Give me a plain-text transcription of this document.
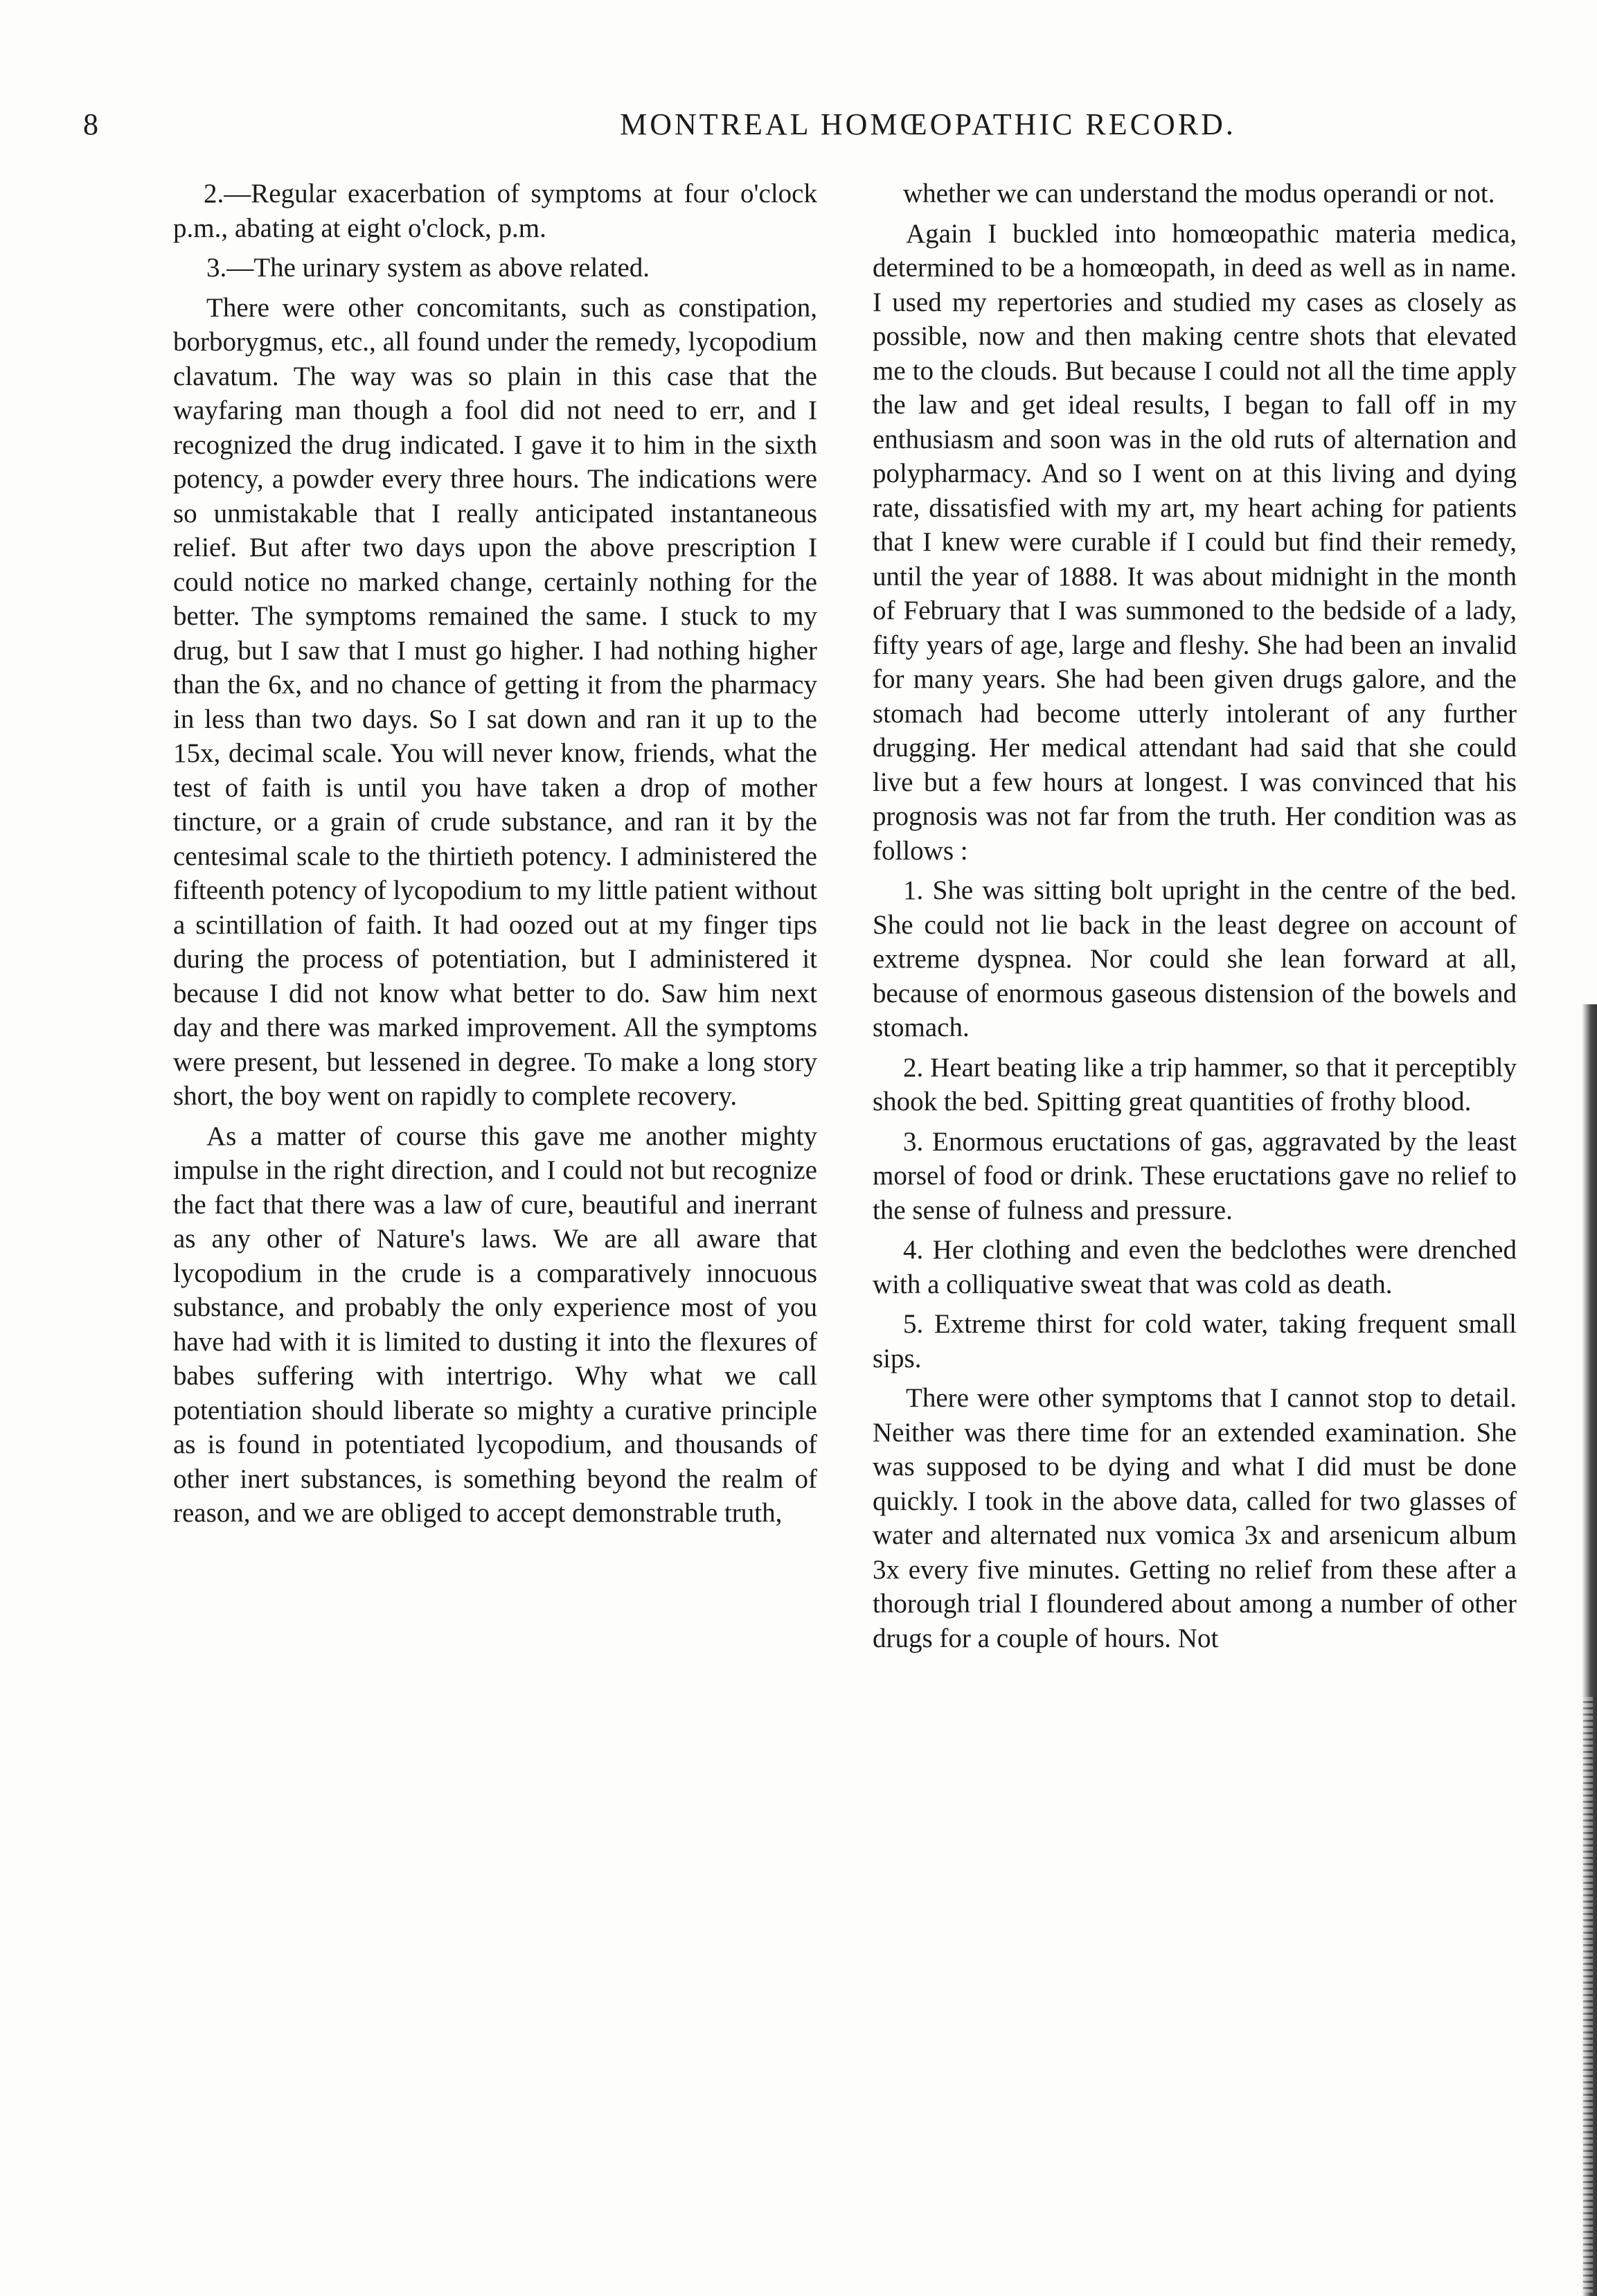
8	MONTREAL HOMŒOPATHIC RECORD.

2.—Regular exacerbation of symptoms at four o'clock p.m., abating at eight o'clock, p.m.

3.—The urinary system as above related.

There were other concomitants, such as constipation, borborygmus, etc., all found under the remedy, lycopodium clavatum. The way was so plain in this case that the wayfaring man though a fool did not need to err, and I recognized the drug indicated. I gave it to him in the sixth potency, a powder every three hours. The indications were so unmistakable that I really anticipated instantaneous relief. But after two days upon the above prescription I could notice no marked change, certainly nothing for the better. The symptoms remained the same. I stuck to my drug, but I saw that I must go higher. I had nothing higher than the 6x, and no chance of getting it from the pharmacy in less than two days. So I sat down and ran it up to the 15x, decimal scale. You will never know, friends, what the test of faith is until you have taken a drop of mother tincture, or a grain of crude substance, and ran it by the centesimal scale to the thirtieth potency. I administered the fifteenth potency of lycopodium to my little patient without a scintillation of faith. It had oozed out at my finger tips during the process of potentiation, but I administered it because I did not know what better to do. Saw him next day and there was marked improvement. All the symptoms were present, but lessened in degree. To make a long story short, the boy went on rapidly to complete recovery.

As a matter of course this gave me another mighty impulse in the right direction, and I could not but recognize the fact that there was a law of cure, beautiful and inerrant as any other of Nature's laws. We are all aware that lycopodium in the crude is a comparatively innocuous substance, and probably the only experience most of you have had with it is limited to dusting it into the flexures of babes suffering with intertrigo. Why what we call potentiation should liberate so mighty a curative principle as is found in potentiated lycopodium, and thousands of other inert substances, is something beyond the realm of reason, and we are obliged to accept demonstrable truth,

whether we can understand the modus operandi or not.

Again I buckled into homœopathic materia medica, determined to be a homœopath, in deed as well as in name. I used my repertories and studied my cases as closely as possible, now and then making centre shots that elevated me to the clouds. But because I could not all the time apply the law and get ideal results, I began to fall off in my enthusiasm and soon was in the old ruts of alternation and polypharmacy. And so I went on at this living and dying rate, dissatisfied with my art, my heart aching for patients that I knew were curable if I could but find their remedy, until the year of 1888. It was about midnight in the month of February that I was summoned to the bedside of a lady, fifty years of age, large and fleshy. She had been an invalid for many years. She had been given drugs galore, and the stomach had become utterly intolerant of any further drugging. Her medical attendant had said that she could live but a few hours at longest. I was convinced that his prognosis was not far from the truth. Her condition was as follows :

1. She was sitting bolt upright in the centre of the bed. She could not lie back in the least degree on account of extreme dyspnea. Nor could she lean forward at all, because of enormous gaseous distension of the bowels and stomach.

2. Heart beating like a trip hammer, so that it perceptibly shook the bed. Spitting great quantities of frothy blood.

3. Enormous eructations of gas, aggravated by the least morsel of food or drink. These eructations gave no relief to the sense of fulness and pressure.

4. Her clothing and even the bedclothes were drenched with a colliquative sweat that was cold as death.

5. Extreme thirst for cold water, taking frequent small sips.

There were other symptoms that I cannot stop to detail. Neither was there time for an extended examination. She was supposed to be dying and what I did must be done quickly. I took in the above data, called for two glasses of water and alternated nux vomica 3x and arsenicum album 3x every five minutes. Getting no relief from these after a thorough trial I floundered about among a number of other drugs for a couple of hours. Not
